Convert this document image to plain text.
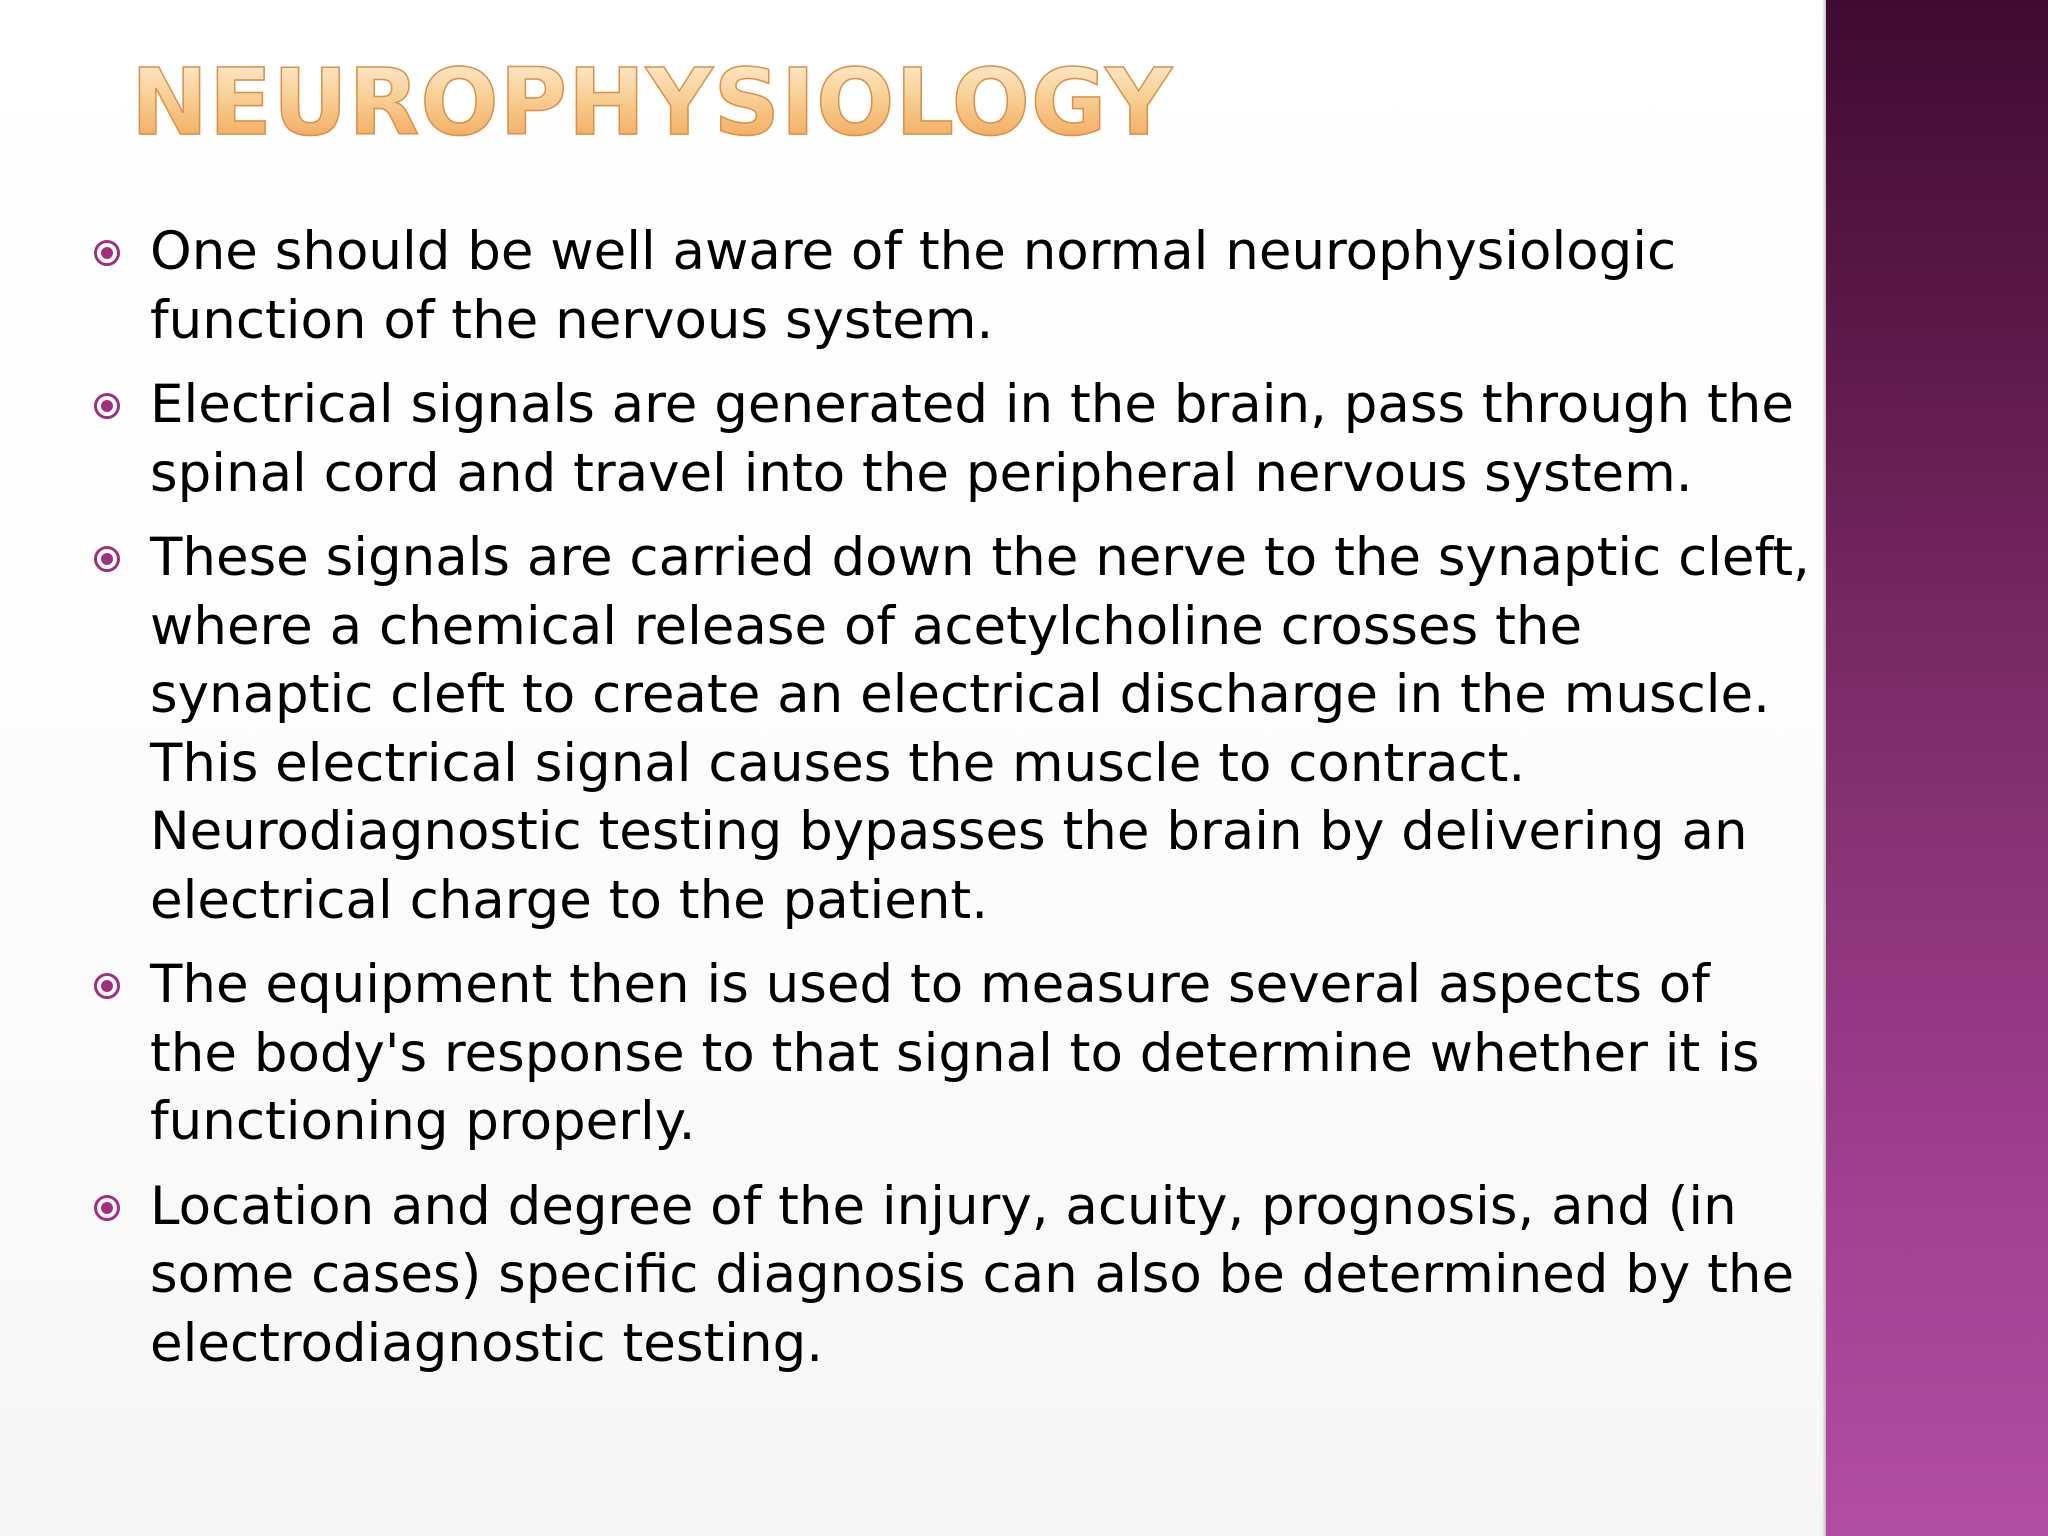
NEUROPHYSIOLOGY
One should be well aware of the normal neurophysiologic function of the nervous system.
Electrical signals are generated in the brain, pass through the spinal cord and travel into the peripheral nervous system.
These signals are carried down the nerve to the synaptic cleft, where a chemical release of acetylcholine crosses the synaptic cleft to create an electrical discharge in the muscle. This electrical signal causes the muscle to contract. Neurodiagnostic testing bypasses the brain by delivering an electrical charge to the patient.
The equipment then is used to measure several aspects of the body's response to that signal to determine whether it is functioning properly.
Location and degree of the injury, acuity, prognosis, and (in some cases) specific diagnosis can also be determined by the electrodiagnostic testing.
